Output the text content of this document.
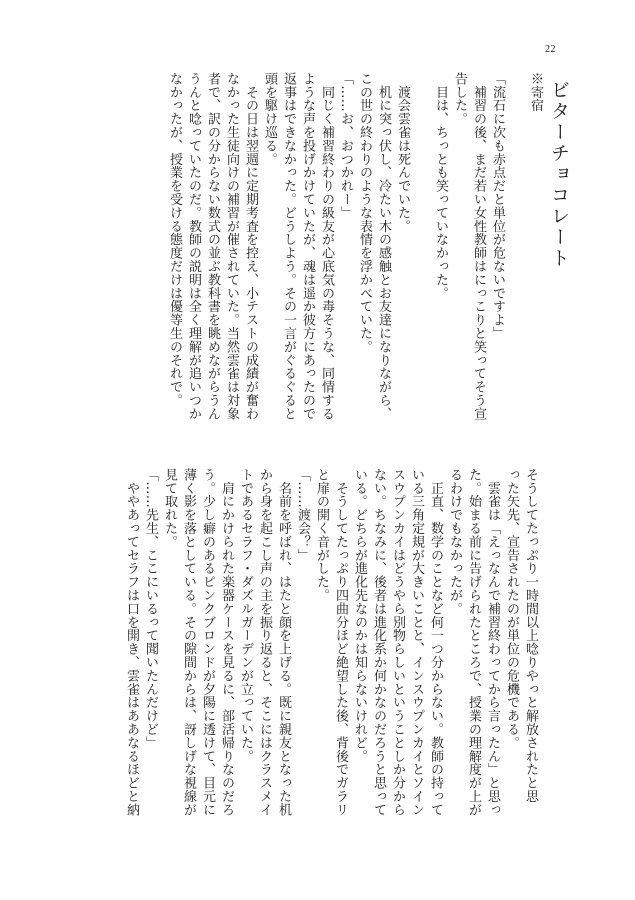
22
ビターチョコレート

※寄宿

「流石に次も赤点だと単位が危ないですよ」

　補習の後、まだ若い女性教師はにっこりと笑ってそう宣

告した。

　目は、ちっとも笑っていなかった。

　渡会雲雀は死んでいた。

　机に突っ伏し、冷たい木の感触とお友達になりながら、

この世の終わりのような表情を浮かべていた。

「……お、おつかれー」

　同じく補習終わりの級友が心底気の毒そうな、同情する

ような声を投げかけていたが、魂は遥か彼方にあったので

返事はできなかった。どうしよう。その一言がぐるぐると

頭を駆け巡る。

　その日は翌週に定期考査を控え、小テストの成績が奮わ

なかった生徒向けの補習が催されていた。当然雲雀は対象

者で、訳の分からない数式の並ぶ教科書を眺めながらうん

うんと唸っていたのだ。教師の説明は全く理解が追いつか

なかったが、授業を受ける態度だけは優等生のそれで。

そうしてたっぷり一時間以上唸りやっと解放されたと思

った矢先、宣告されたのが単位の危機である。

　雲雀は「えっなんで補習終わってから言ったん」と思っ

た。始まる前に告げられたところで、授業の理解度が上が

るわけでもなかったが。

　正直、数学のことなど何一つ分からない。教師の持って

いる三角定規が大きいことと、インスウプンカイとソイン

スウプンカイはどうやら別物らしいということしか分から

ない。ちなみに、後者は進化系か何かなのだろうと思って

いる。どちらが進化先なのかは知らないけれど。

　そうしてたっぷり四曲分ほど絶望した後、背後でガラリ

と扉の開く音がした。

「……渡会？」

　名前を呼ばれ、はたと顔を上げる。既に親友となった机

から身を起こし声の主を振り返ると、そこにはクラスメイ

トであるセラフ・ダズルガーデンが立っていた。

　肩にかけられた楽器ケースを見るに、部活帰りなのだろ

う。少し癖のあるピンクブロンドが夕陽に透けて、目元に

薄く影を落としている。その隙間からは、訝しげな視線が

見て取れた。

「……先生、ここにいるって聞いたんだけど」

　ややあってセラフは口を開き、雲雀はああなるほどと納
